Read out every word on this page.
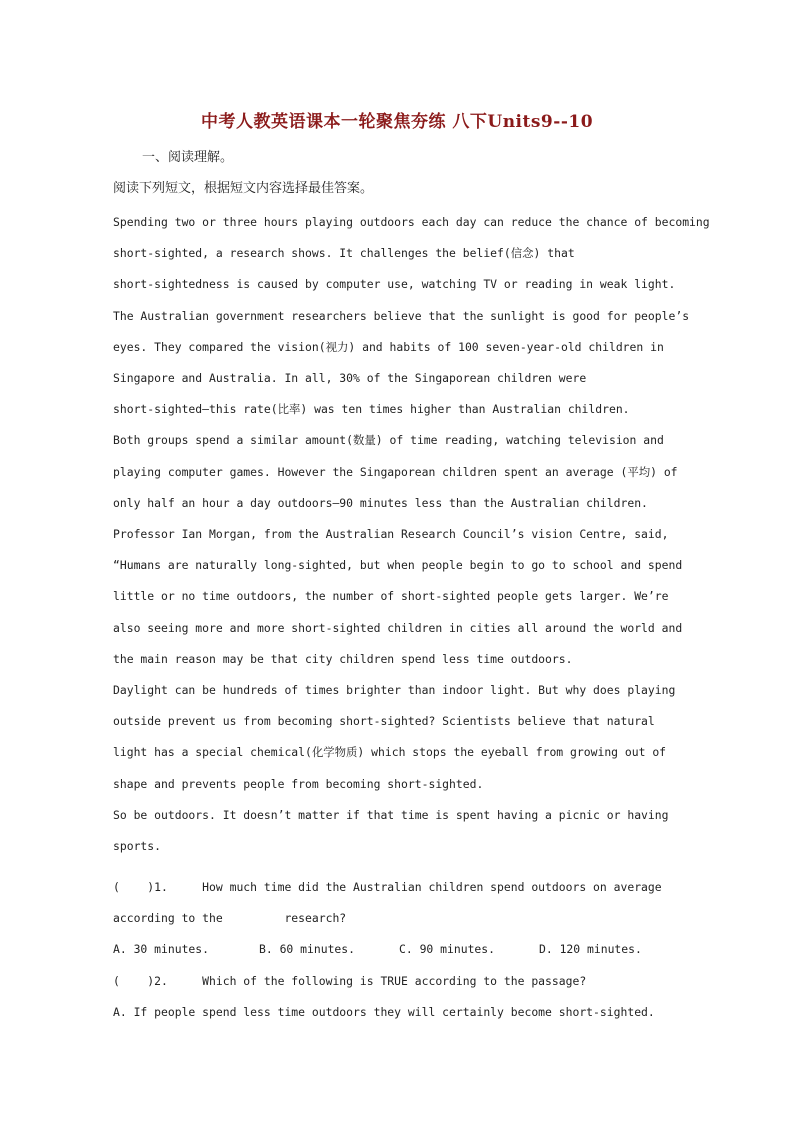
中考人教英语课本一轮聚焦夯练 八下Units9--10
一、阅读理解。
阅读下列短文，根据短文内容选择最佳答案。
Spending two or three hours playing outdoors each day can reduce the chance of becoming
short-sighted, a research shows. It challenges the belief(信念) that
short-sightedness is caused by computer use, watching TV or reading in weak light.
The Australian government researchers believe that the sunlight is good for people’s
eyes. They compared the vision(视力) and habits of 100 seven-year-old children in
Singapore and Australia. In all, 30% of the Singaporean children were
short-sighted—this rate(比率) was ten times higher than Australian children.
Both groups spend a similar amount(数量) of time reading, watching television and
playing computer games. However the Singaporean children spent an average (平均) of
only half an hour a day outdoors—90 minutes less than the Australian children.
Professor Ian Morgan, from the Australian Research Council’s vision Centre, said,
“Humans are naturally long-sighted, but when people begin to go to school and spend
little or no time outdoors, the number of short-sighted people gets larger. We’re
also seeing more and more short-sighted children in cities all around the world and
the main reason may be that city children spend less time outdoors.
Daylight can be hundreds of times brighter than indoor light. But why does playing
outside prevent us from becoming short-sighted? Scientists believe that natural
light has a special chemical(化学物质) which stops the eyeball from growing out of
shape and prevents people from becoming short-sighted.
So be outdoors. It doesn’t matter if that time is spent having a picnic or having
sports.
(    )1.     How much time did the Australian children spend outdoors on average
according to the         research?
A. 30 minutes.	B. 60 minutes.	C. 90 minutes.	D. 120 minutes.
(    )2.     Which of the following is TRUE according to the passage?
A. If people spend less time outdoors they will certainly become short-sighted.
